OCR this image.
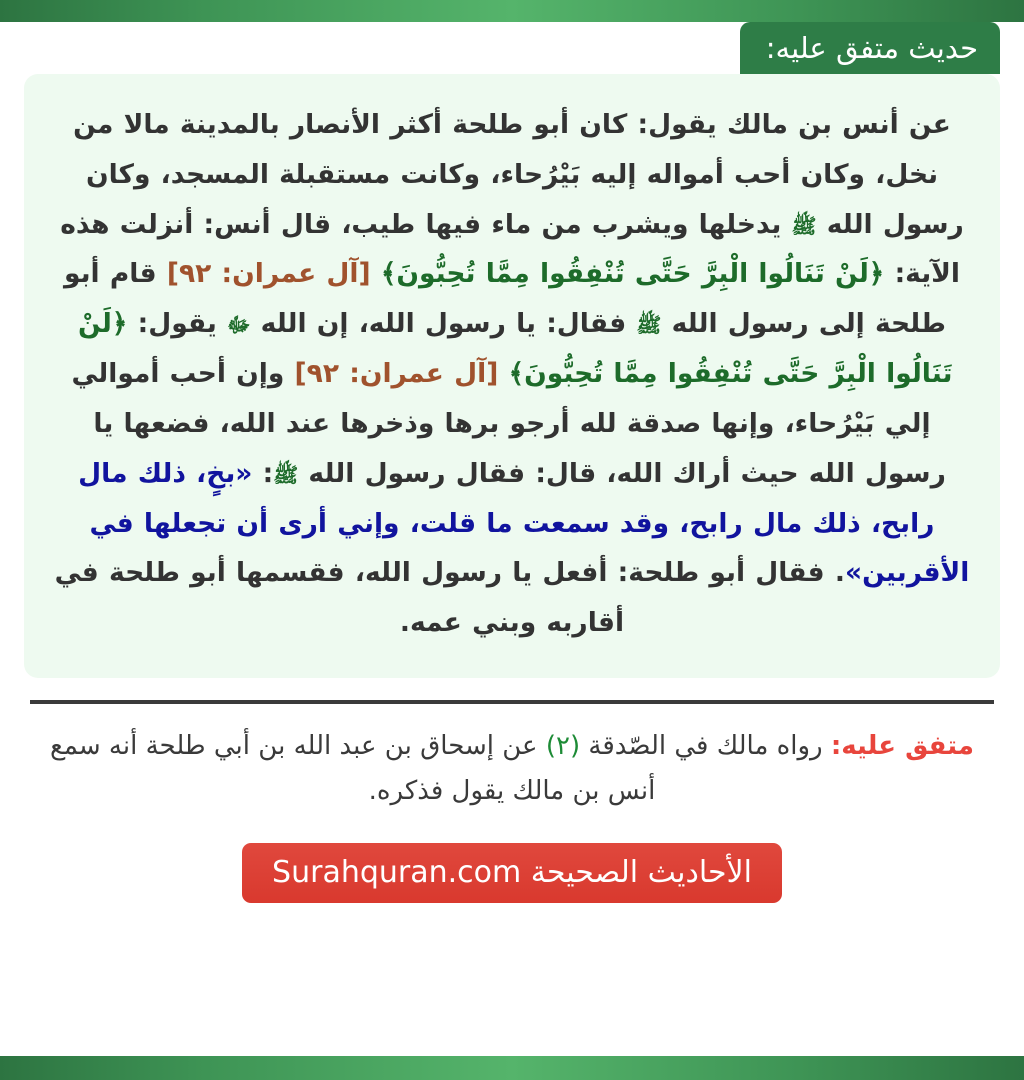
حديث متفق عليه:

عن أنس بن مالك يقول: كان أبو طلحة أكثر الأنصار بالمدينة مالا من نخل، وكان أحب أمواله إليه بَيْرُحاء، وكانت مستقبلة المسجد، وكان رسول الله ﷺ يدخلها ويشرب من ماء فيها طيب، قال أنس: أنزلت هذه الآية: ﴿لَنْ تَنَالُوا الْبِرَّ حَتَّى تُنْفِقُوا مِمَّا تُحِبُّونَ﴾ [آل عمران: ٩٢] قام أبو طلحة إلى رسول الله ﷺ فقال: يا رسول الله، إن الله ﷻ يقول: ﴿لَنْ تَنَالُوا الْبِرَّ حَتَّى تُنْفِقُوا مِمَّا تُحِبُّونَ﴾ [آل عمران: ٩٢] وإن أحب أموالي إلي بَيْرُحاء، وإنها صدقة لله أرجو برها وذخرها عند الله، فضعها يا رسول الله حيث أراك الله، قال: فقال رسول الله ﷺ: «بخٍ، ذلك مال رابح، ذلك مال رابح، وقد سمعت ما قلت، وإني أرى أن تجعلها في الأقربين». فقال أبو طلحة: أفعل يا رسول الله، فقسمها أبو طلحة في أقاربه وبني عمه.

متفق عليه: رواه مالك في الصّدقة (٢) عن إسحاق بن عبد الله بن أبي طلحة أنه سمع أنس بن مالك يقول فذكره.

الأحاديث الصحيحة Surahquran.com
